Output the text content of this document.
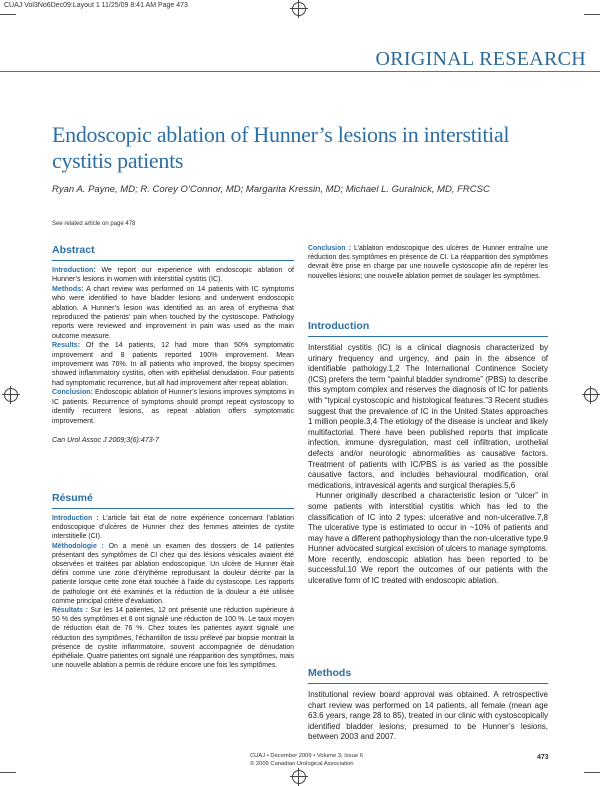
CUAJ Vol3No6Dec09:Layout 1 11/25/09 8:41 AM Page 473
ORIGINAL RESEARCH
Endoscopic ablation of Hunner’s lesions in interstitial cystitis patients
Ryan A. Payne, MD; R. Corey O’Connor, MD; Margarita Kressin, MD; Michael L. Guralnick, MD, FRCSC
See related article on page 478
Abstract

Introduction: We report our experience with endoscopic ablation of Hunner’s lesions in women with interstitial cystitis (IC).

Methods: A chart review was performed on 14 patients with IC symptoms who were identified to have bladder lesions and underwent endoscopic ablation. A Hunner’s lesion was identified as an area of erythema that reproduced the patients’ pain when touched by the cystoscope. Pathology reports were reviewed and improvement in pain was used as the main outcome measure.

Results: Of the 14 patients, 12 had more than 50% symptomatic improvement and 8 patients reported 100% improvement. Mean improvement was 76%. In all patients who improved, the biopsy specimen showed inflammatory cystitis, often with epithelial denudation. Four patients had symptomatic recurrence, but all had improvement after repeat ablation.

Conclusion: Endoscopic ablation of Hunner’s lesions improves symptoms in IC patients. Recurrence of symptoms should prompt repeat cystoscopy to identify recurrent lesions, as repeat ablation offers symptomatic improvement.

Can Urol Assoc J 2009;3(6):473-7

Résumé

Introduction : L’article fait état de notre expérience concernant l’ablation endoscopique d’ulcères de Hunner chez des femmes atteintes de cystite interstitielle (CI).

Méthodologie : On a mené un examen des dossiers de 14 patientes présentant des symptômes de CI chez qui des lésions vésicales avaient été observées et traitées par ablation endoscopique. Un ulcère de Hunner était défini comme une zone d’érythème reproduisant la douleur décrite par la patiente lorsque cette zone était touchée à l’aide du cystoscope. Les rapports de pathologie ont été examinés et la réduction de la douleur a été utilisée comme principal critère d’évaluation.

Résultats : Sur les 14 patientes, 12 ont présenté une réduction supérieure à 50 % des symptômes et 8 ont signalé une réduction de 100 %. Le taux moyen de réduction était de 76 %. Chez toutes les patientes ayant signalé une réduction des symptômes, l’échantillon de tissu prélevé par biopsie montrait la présence de cystite inflammatoire, souvent accompagnée de dénudation épithéliale. Quatre patientes ont signalé une réapparition des symptômes, mais une nouvelle ablation a permis de réduire encore une fois les symptômes.

Conclusion : L’ablation endoscopique des ulcères de Hunner entraîne une réduction des symptômes en présence de CI. La réapparition des symptômes devrait être prise en charge par une nouvelle cystoscopie afin de repérer les nouvelles lésions; une nouvelle ablation permet de soulager les symptômes.

Introduction

Interstitial cystitis (IC) is a clinical diagnosis characterized by urinary frequency and urgency, and pain in the absence of identifiable pathology.1,2 The International Continence Society (ICS) prefers the term “painful bladder syndrome” (PBS) to describe this symptom complex and reserves the diagnosis of IC for patients with “typical cystoscopic and histological features.”3 Recent studies suggest that the prevalence of IC in the United States approaches 1 million people.3,4 The etiology of the disease is unclear and likely multifactorial. There have been published reports that implicate infection, immune dysregulation, mast cell infiltration, urothelial defects and/or neurologic abnormalities as causative factors. Treatment of patients with IC/PBS is as varied as the possible causative factors, and includes behavioural modification, oral medications, intravesical agents and surgical therapies.5,6

Hunner originally described a characteristic lesion or “ulcer” in some patients with interstitial cystitis which has led to the classification of IC into 2 types: ulcerative and non-ulcerative.7,8 The ulcerative type is estimated to occur in ~10% of patients and may have a different pathophysiology than the non-ulcerative type.9 Hunner advocated surgical excision of ulcers to manage symptoms. More recently, endoscopic ablation has been reported to be successful.10 We report the outcomes of our patients with the ulcerative form of IC treated with endoscopic ablation.

Methods

Institutional review board approval was obtained. A retrospective chart review was performed on 14 patients, all female (mean age 63.6 years, range 28 to 85), treated in our clinic with cystoscopically identified bladder lesions, presumed to be Hunner’s lesions, between 2003 and 2007.

CUAJ • December 2009 • Volume 3, Issue 6
© 2009 Canadian Urological Association
473
